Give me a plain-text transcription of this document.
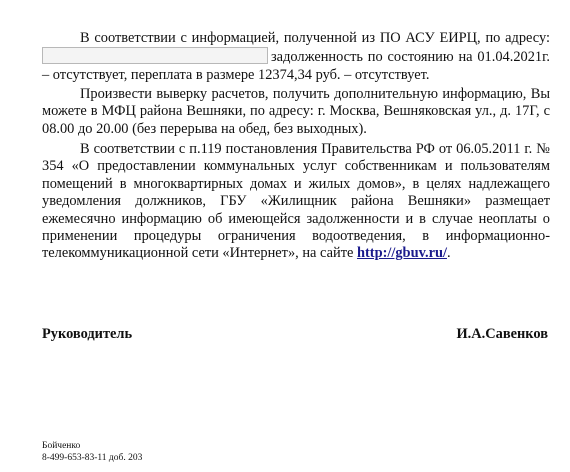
В соответствии с информацией, полученной из ПО АСУ ЕИРЦ, по адресу: задолженность по состоянию на 01.04.2021г. – отсутствует, переплата в размере 12374,34 руб. – отсутствует.

Произвести выверку расчетов, получить дополнительную информацию, Вы можете в МФЦ района Вешняки, по адресу: г. Москва, Вешняковская ул., д. 17Г, с 08.00 до 20.00 (без перерыва на обед, без выходных).

В соответствии с п.119 постановления Правительства РФ от 06.05.2011 г. № 354 «О предоставлении коммунальных услуг собственникам и пользователям помещений в многоквартирных домах и жилых домов», в целях надлежащего уведомления должников, ГБУ «Жилищник района Вешняки» размещает ежемесячно информацию об имеющейся задолженности и в случае неоплаты о применении процедуры ограничения водоотведения, в информационно-телекоммуникационной сети «Интернет», на сайте http://gbuv.ru/.

Руководитель	И.А.Савенков
Бойченко
8-499-653-83-11 доб. 203
